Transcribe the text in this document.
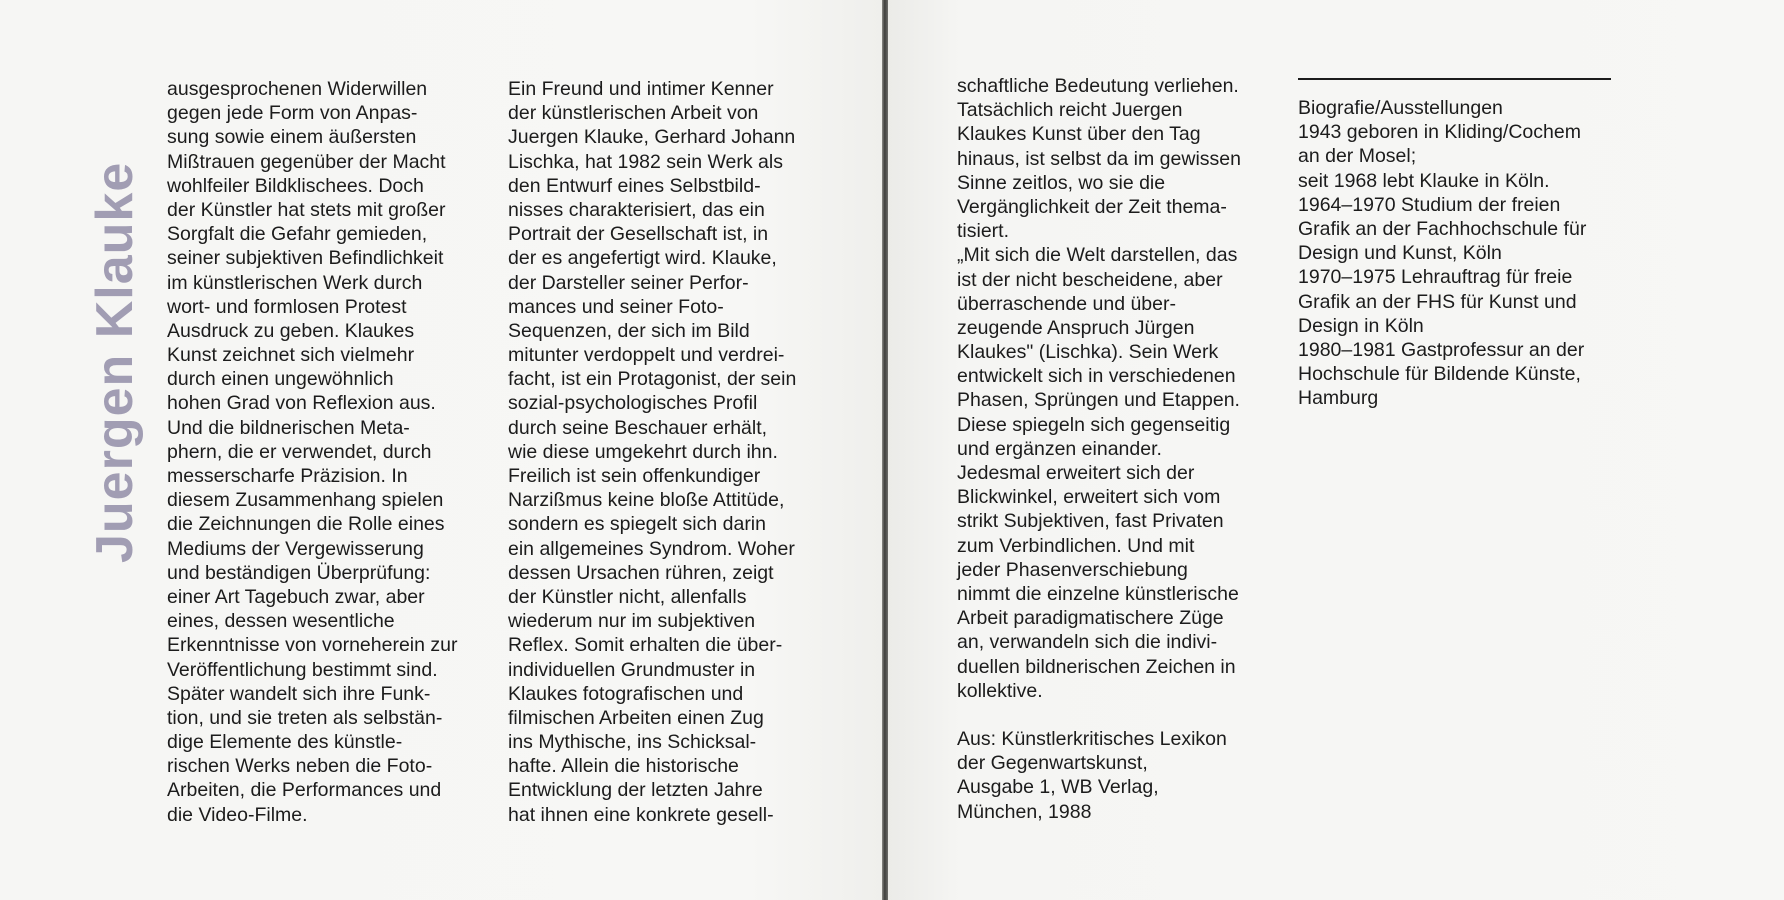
Juergen Klauke
ausgesprochenen Widerwillen
gegen jede Form von Anpas-
sung sowie einem äußersten
Mißtrauen gegenüber der Macht
wohlfeiler Bildklischees. Doch
der Künstler hat stets mit großer
Sorgfalt die Gefahr gemieden,
seiner subjektiven Befindlichkeit
im künstlerischen Werk durch
wort- und formlosen Protest
Ausdruck zu geben. Klaukes
Kunst zeichnet sich vielmehr
durch einen ungewöhnlich
hohen Grad von Reflexion aus.
Und die bildnerischen Meta-
phern, die er verwendet, durch
messerscharfe Präzision. In
diesem Zusammenhang spielen
die Zeichnungen die Rolle eines
Mediums der Vergewisserung
und beständigen Überprüfung:
einer Art Tagebuch zwar, aber
eines, dessen wesentliche
Erkenntnisse von vorneherein zur
Veröffentlichung bestimmt sind.
Später wandelt sich ihre Funk-
tion, und sie treten als selbstän-
dige Elemente des künstle-
rischen Werks neben die Foto-
Arbeiten, die Performances und
die Video-Filme.
Ein Freund und intimer Kenner
der künstlerischen Arbeit von
Juergen Klauke, Gerhard Johann
Lischka, hat 1982 sein Werk als
den Entwurf eines Selbstbild-
nisses charakterisiert, das ein
Portrait der Gesellschaft ist, in
der es angefertigt wird. Klauke,
der Darsteller seiner Perfor-
mances und seiner Foto-
Sequenzen, der sich im Bild
mitunter verdoppelt und verdrei-
facht, ist ein Protagonist, der sein
sozial-psychologisches Profil
durch seine Beschauer erhält,
wie diese umgekehrt durch ihn.
Freilich ist sein offenkundiger
Narzißmus keine bloße Attitüde,
sondern es spiegelt sich darin
ein allgemeines Syndrom. Woher
dessen Ursachen rühren, zeigt
der Künstler nicht, allenfalls
wiederum nur im subjektiven
Reflex. Somit erhalten die über-
individuellen Grundmuster in
Klaukes fotografischen und
filmischen Arbeiten einen Zug
ins Mythische, ins Schicksal-
hafte. Allein die historische
Entwicklung der letzten Jahre
hat ihnen eine konkrete gesell-
schaftliche Bedeutung verliehen.
Tatsächlich reicht Juergen
Klaukes Kunst über den Tag
hinaus, ist selbst da im gewissen
Sinne zeitlos, wo sie die
Vergänglichkeit der Zeit thema-
tisiert.
„Mit sich die Welt darstellen, das
ist der nicht bescheidene, aber
überraschende und über-
zeugende Anspruch Jürgen
Klaukes" (Lischka). Sein Werk
entwickelt sich in verschiedenen
Phasen, Sprüngen und Etappen.
Diese spiegeln sich gegenseitig
und ergänzen einander.
Jedesmal erweitert sich der
Blickwinkel, erweitert sich vom
strikt Subjektiven, fast Privaten
zum Verbindlichen. Und mit
jeder Phasenverschiebung
nimmt die einzelne künstlerische
Arbeit paradigmatischere Züge
an, verwandeln sich die indivi-
duellen bildnerischen Zeichen in
kollektive.
Aus: Künstlerkritisches Lexikon
der Gegenwartskunst,
Ausgabe 1, WB Verlag,
München, 1988
Biografie/Ausstellungen
1943 geboren in Kliding/Cochem
an der Mosel;
seit 1968 lebt Klauke in Köln.
1964–1970 Studium der freien
Grafik an der Fachhochschule für
Design und Kunst, Köln
1970–1975 Lehrauftrag für freie
Grafik an der FHS für Kunst und
Design in Köln
1980–1981 Gastprofessur an der
Hochschule für Bildende Künste,
Hamburg
